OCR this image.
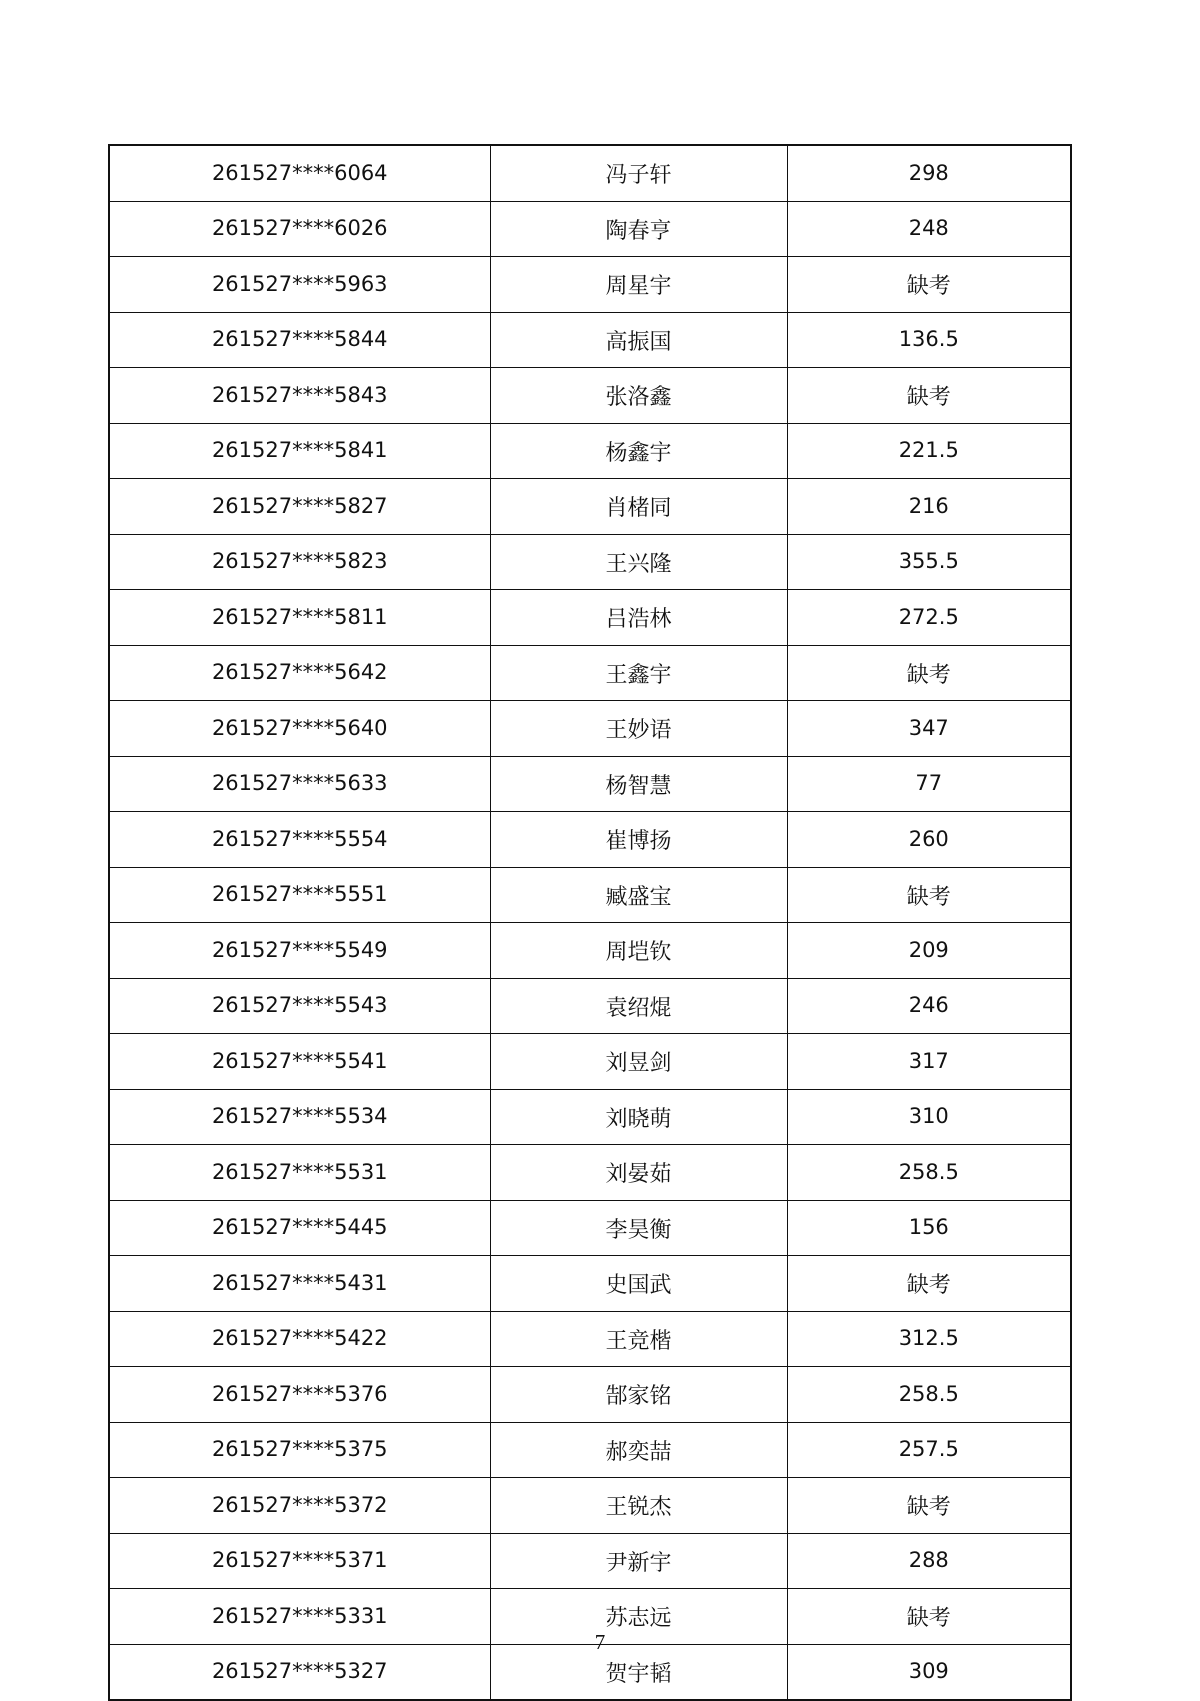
261527****6064	冯子轩	298
261527****6026	陶春亨	248
261527****5963	周星宇	缺考
261527****5844	高振国	136.5
261527****5843	张洛鑫	缺考
261527****5841	杨鑫宇	221.5
261527****5827	肖楮同	216
261527****5823	王兴隆	355.5
261527****5811	吕浩林	272.5
261527****5642	王鑫宇	缺考
261527****5640	王妙语	347
261527****5633	杨智慧	77
261527****5554	崔博扬	260
261527****5551	臧盛宝	缺考
261527****5549	周垲钦	209
261527****5543	袁绍焜	246
261527****5541	刘昱剑	317
261527****5534	刘晓萌	310
261527****5531	刘晏茹	258.5
261527****5445	李昊衡	156
261527****5431	史国武	缺考
261527****5422	王竞楷	312.5
261527****5376	郜家铭	258.5
261527****5375	郝奕喆	257.5
261527****5372	王锐杰	缺考
261527****5371	尹新宇	288
261527****5331	苏志远	缺考
261527****5327	贺宇韬	309
7
